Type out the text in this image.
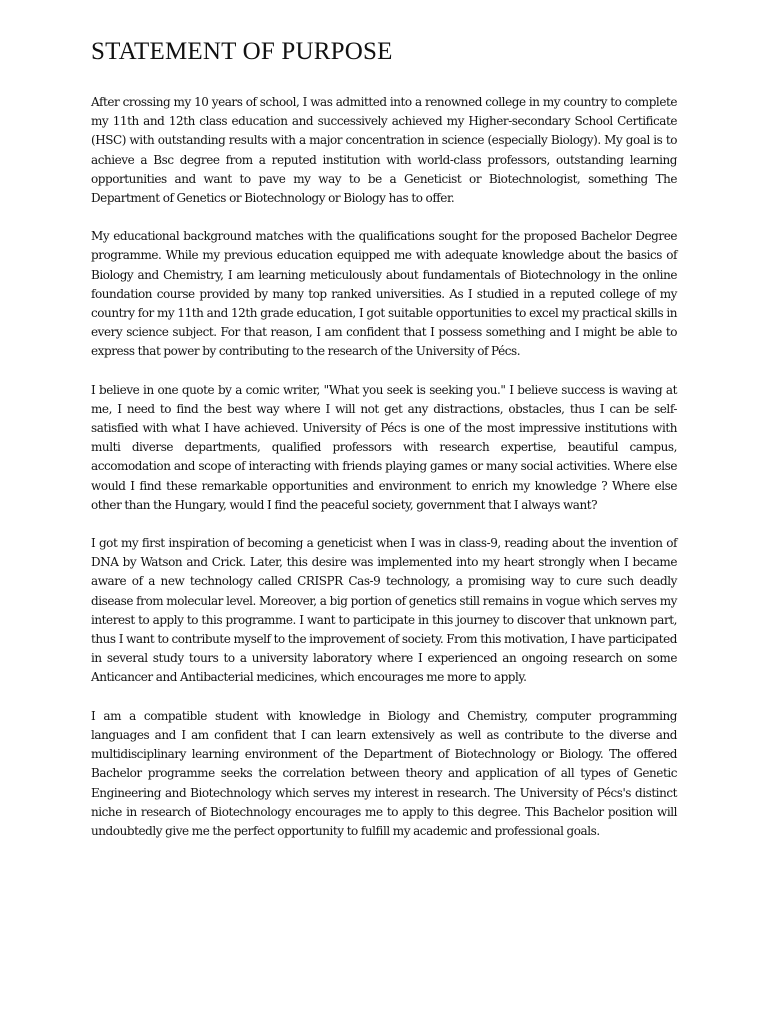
STATEMENT OF PURPOSE

After crossing my 10 years of school, I was admitted into a renowned college in my country to complete my 11th and 12th class education and successively achieved my Higher-secondary School Certificate (HSC) with outstanding results with a major concentration in science (especially Biology). My goal is to achieve a Bsc degree from a reputed institution with world-class professors, outstanding learning opportunities and want to pave my way to be a Geneticist or Biotechnologist, something The Department of Genetics or Biotechnology or Biology has to offer.

My educational background matches with the qualifications sought for the proposed Bachelor Degree programme. While my previous education equipped me with adequate knowledge about the basics of Biology and Chemistry, I am learning meticulously about fundamentals of Biotechnology in the online foundation course provided by many top ranked universities. As I studied in a reputed college of my country for my 11th and 12th grade education, I got suitable opportunities to excel my practical skills in every science subject. For that reason, I am confident that I possess something and I might be able to express that power by contributing to the research of the University of Pécs.

I believe in one quote by a comic writer, "What you seek is seeking you." I believe success is waving at me, I need to find the best way where I will not get any distractions, obstacles, thus I can be self-satisfied with what I have achieved. University of Pécs is one of the most impressive institutions with multi diverse departments, qualified professors with research expertise, beautiful campus, accomodation and scope of interacting with friends playing games or many social activities. Where else would I find these remarkable opportunities and environment to enrich my knowledge ? Where else other than the Hungary, would I find the peaceful society, government that I always want?

I got my first inspiration of becoming a geneticist when I was in class-9, reading about the invention of DNA by Watson and Crick. Later, this desire was implemented into my heart strongly when I became aware of a new technology called CRISPR Cas-9 technology, a promising way to cure such deadly disease from molecular level. Moreover, a big portion of genetics still remains in vogue which serves my interest to apply to this programme. I want to participate in this journey to discover that unknown part, thus I want to contribute myself to the improvement of society. From this motivation, I have participated in several study tours to a university laboratory where I experienced an ongoing research on some Anticancer and Antibacterial medicines, which encourages me more to apply.

I am a compatible student with knowledge in Biology and Chemistry, computer programming languages and I am confident that I can learn extensively as well as contribute to the diverse and multidisciplinary learning environment of the Department of Biotechnology or Biology. The offered Bachelor programme seeks the correlation between theory and application of all types of Genetic Engineering and Biotechnology which serves my interest in research. The University of Pécs's distinct niche in research of Biotechnology encourages me to apply to this degree. This Bachelor position will undoubtedly give me the perfect opportunity to fulfill my academic and professional goals.
